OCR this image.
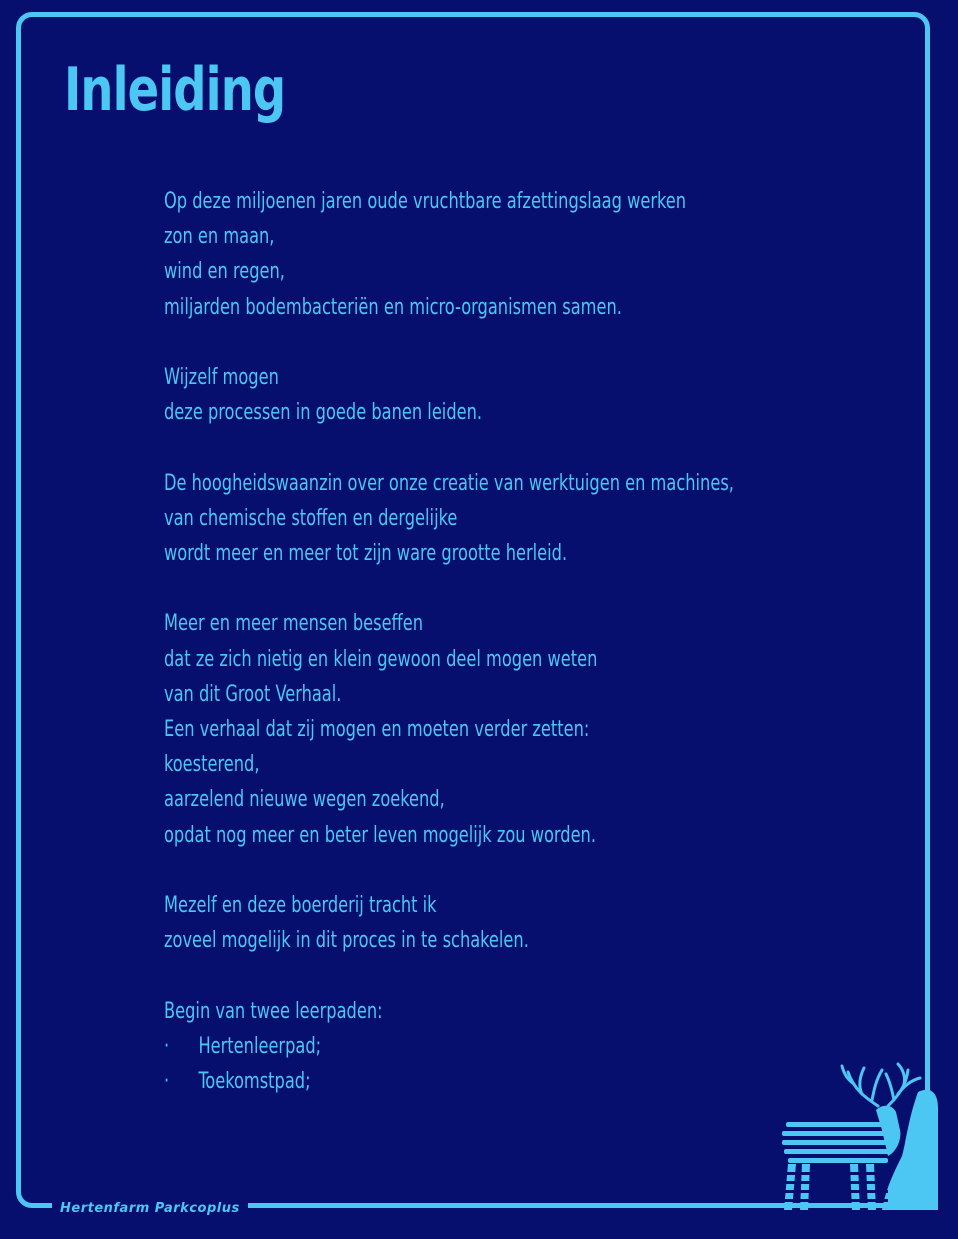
Inleiding

Op deze miljoenen jaren oude vruchtbare afzettingslaag werken
zon en maan,
wind en regen,
miljarden bodembacteriën en micro-organismen samen.

Wijzelf mogen
deze processen in goede banen leiden.

De hoogheidswaanzin over onze creatie van werktuigen en machines,
van chemische stoffen en dergelijke
wordt meer en meer tot zijn ware grootte herleid.

Meer en meer mensen beseffen
dat ze zich nietig en klein gewoon deel mogen weten
van dit Groot Verhaal.
Een verhaal dat zij mogen en moeten verder zetten:
koesterend,
aarzelend nieuwe wegen zoekend,
opdat nog meer en beter leven mogelijk zou worden.

Mezelf en deze boerderij tracht ik
zoveel mogelijk in dit proces in te schakelen.

Begin van twee leerpaden:
· Hertenleerpad;
· Toekomstpad;
Hertenfarm Parkcoplus
